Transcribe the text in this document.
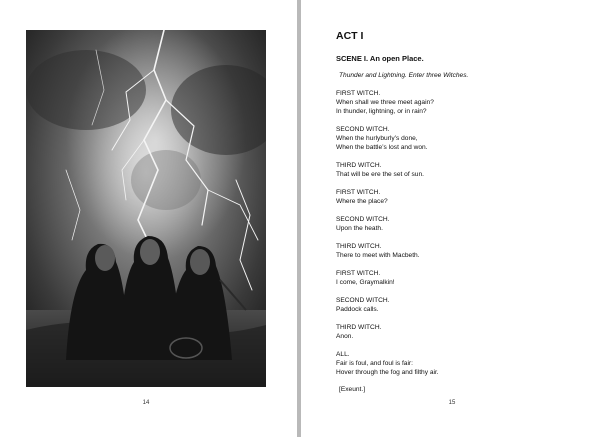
14
ACT I
SCENE I. An open Place.
Thunder and Lightning. Enter three Witches.
FIRST WITCH.
When shall we three meet again?
In thunder, lightning, or in rain?
SECOND WITCH.
When the hurlyburly’s done,
When the battle’s lost and won.
THIRD WITCH.
That will be ere the set of sun.
FIRST WITCH.
Where the place?
SECOND WITCH.
Upon the heath.
THIRD WITCH.
There to meet with Macbeth.
FIRST WITCH.
I come, Graymalkin!
SECOND WITCH.
Paddock calls.
THIRD WITCH.
Anon.
ALL.
Fair is foul, and foul is fair:
Hover through the fog and filthy air.
[Exeunt.]
15
